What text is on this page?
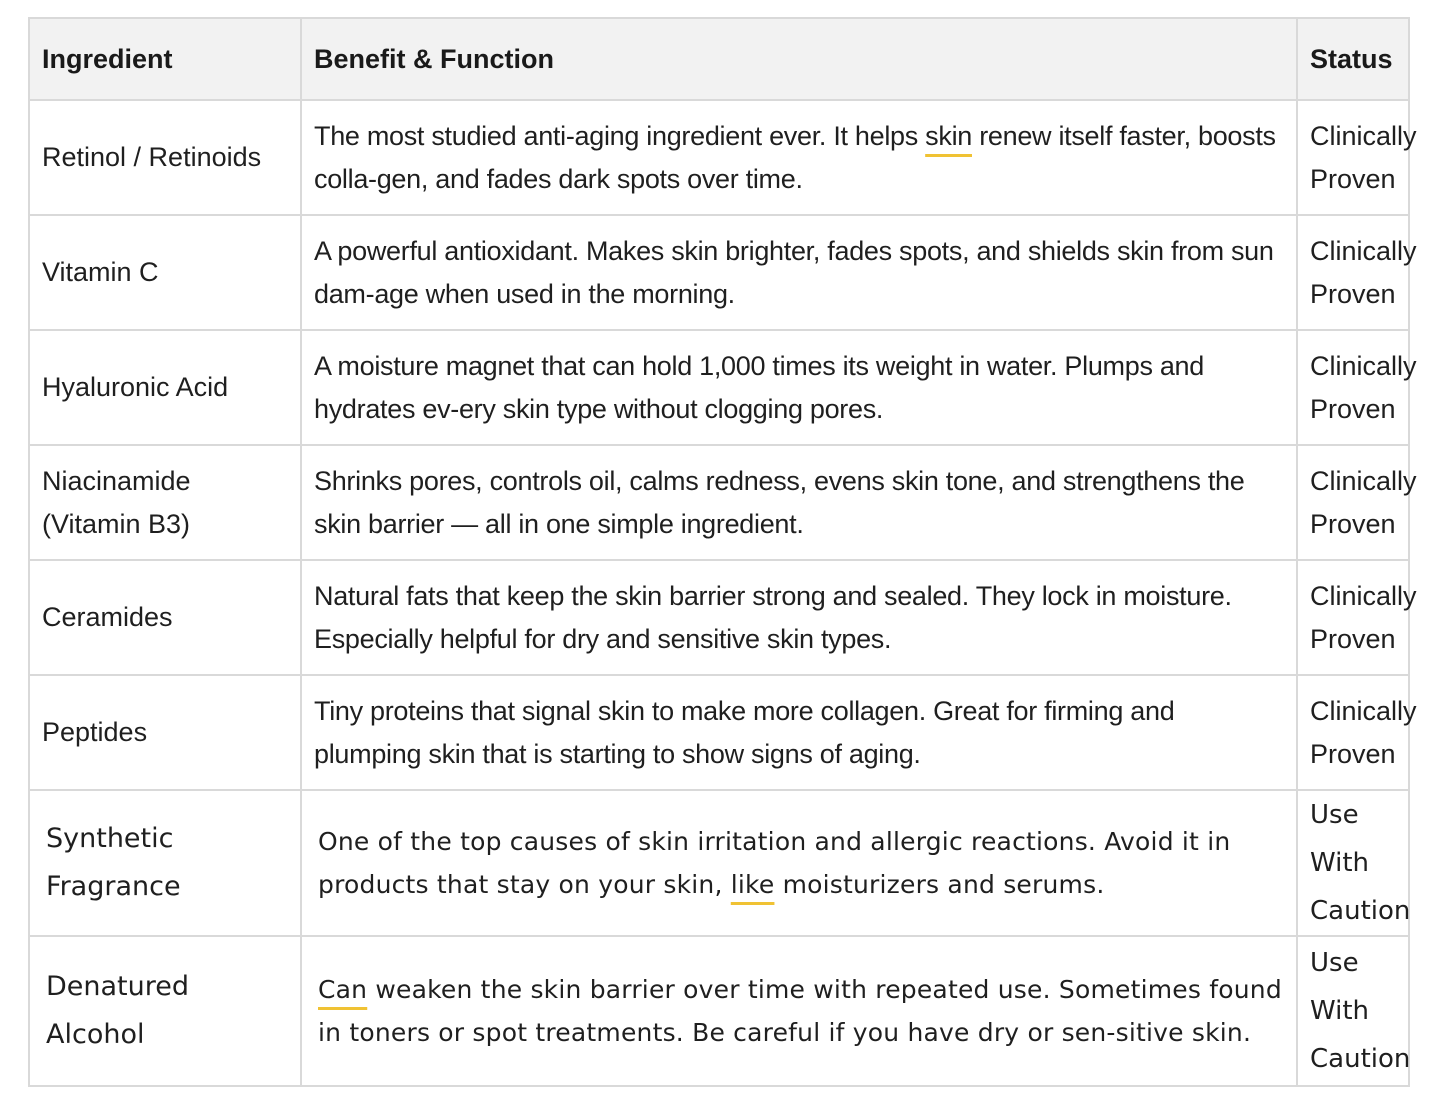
Ingredient	Benefit & Function	Status
Retinol / Retinoids	The most studied anti-aging ingredient ever. It helps skin renew itself faster, boosts colla-gen, and fades dark spots over time.	Clinically Proven
Vitamin C	A powerful antioxidant. Makes skin brighter, fades spots, and shields skin from sun dam-age when used in the morning.	Clinically Proven
Hyaluronic Acid	A moisture magnet that can hold 1,000 times its weight in water. Plumps and hydrates ev-ery skin type without clogging pores.	Clinically Proven
Niacinamide (Vitamin B3)	Shrinks pores, controls oil, calms redness, evens skin tone, and strengthens the skin barrier — all in one simple ingredient.	Clinically Proven
Ceramides	Natural fats that keep the skin barrier strong and sealed. They lock in moisture. Especially helpful for dry and sensitive skin types.	Clinically Proven
Peptides	Tiny proteins that signal skin to make more collagen. Great for firming and plumping skin that is starting to show signs of aging.	Clinically Proven
Synthetic Fragrance	One of the top causes of skin irritation and allergic reactions. Avoid it in products that stay on your skin, like moisturizers and serums.	Use With Caution
Denatured Alcohol	Can weaken the skin barrier over time with repeated use. Sometimes found in toners or spot treatments. Be careful if you have dry or sen-sitive skin.	Use With Caution
